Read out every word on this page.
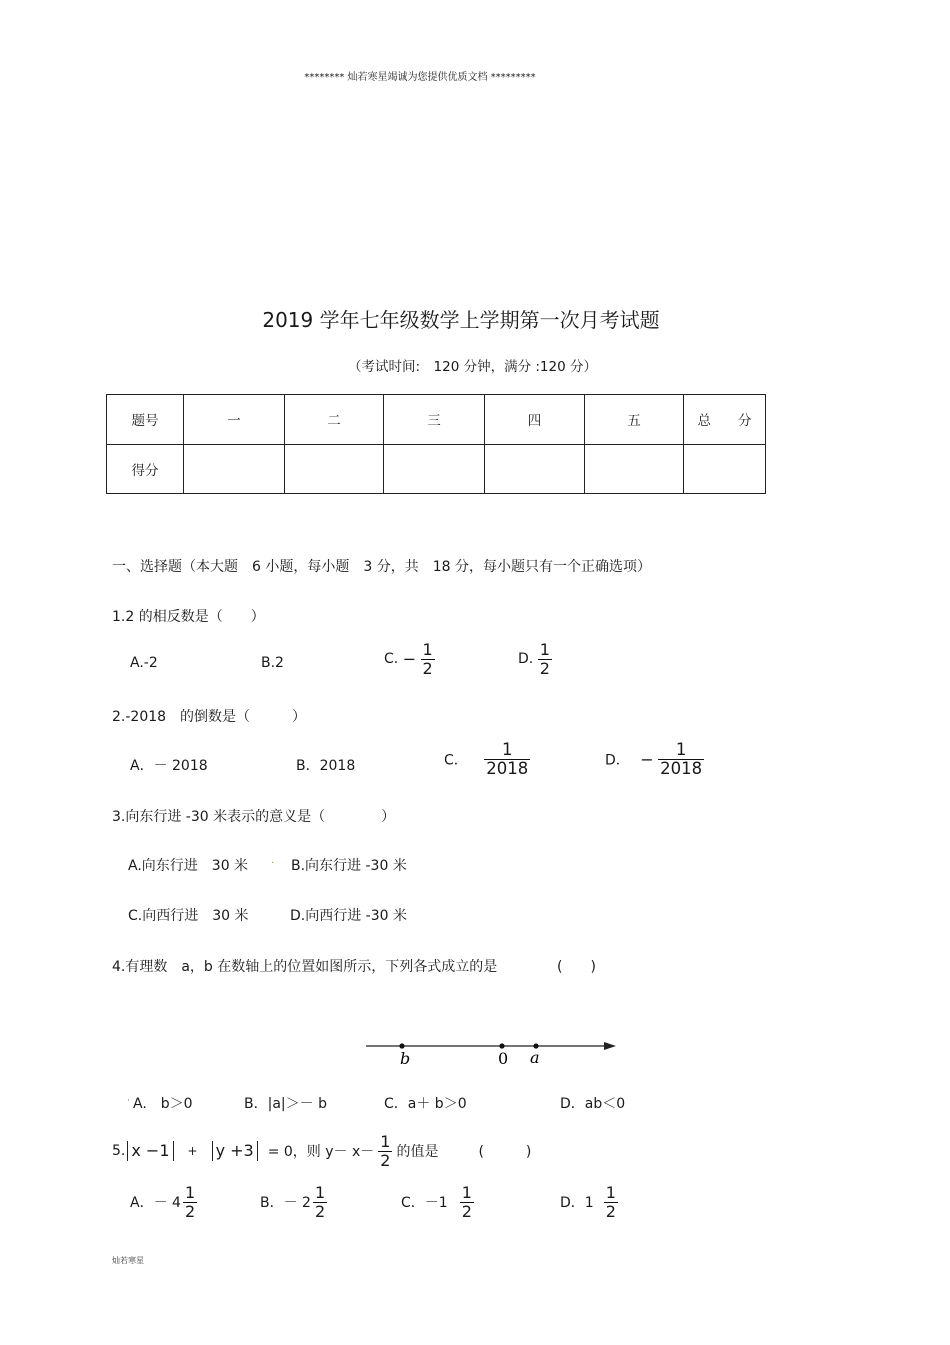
******** 灿若寒星竭诚为您提供优质文档 *********
2019 学年七年级数学上学期第一次月考试题
（考试时间:　120 分钟，满分 :120 分）
题号	一	二	三	四	五	总　　分
得分						
一、选择题（本大题　6 小题，每小题　3 分，共　18 分，每小题只有一个正确选项）
1.2 的相反数是（　　）
A.-2	B.2	C. − $\frac{1}{2}$	D. $\frac{1}{2}$
2.-2018　的倒数是（　　　）
A．－ 2018	B．2018	C． $\frac{1}{2018}$	D． − $\frac{1}{2018}$
3.向东行进 -30 米表示的意义是（　　　　）
A.向东行进　30 米 · B.向东行进 -30 米
C.向西行进　30 米	D.向西行进 -30 米
4.有理数　a，b 在数轴上的位置如图所示，下列各式成立的是	(　　)
b	0 a
· A.　b＞0	B．|a|＞－ b	C．a＋ b＞0	D．ab＜0
5. x −1	+ y +3 = 0，则 $y- x- \frac{1}{2}$ 的值是	(　　　)
A．－ $4 \frac{1}{2}$	B．－ $2 \frac{1}{2}$	C．$-1 \frac{1}{2}$	D．$1 \frac{1}{2}$
灿若寒星
